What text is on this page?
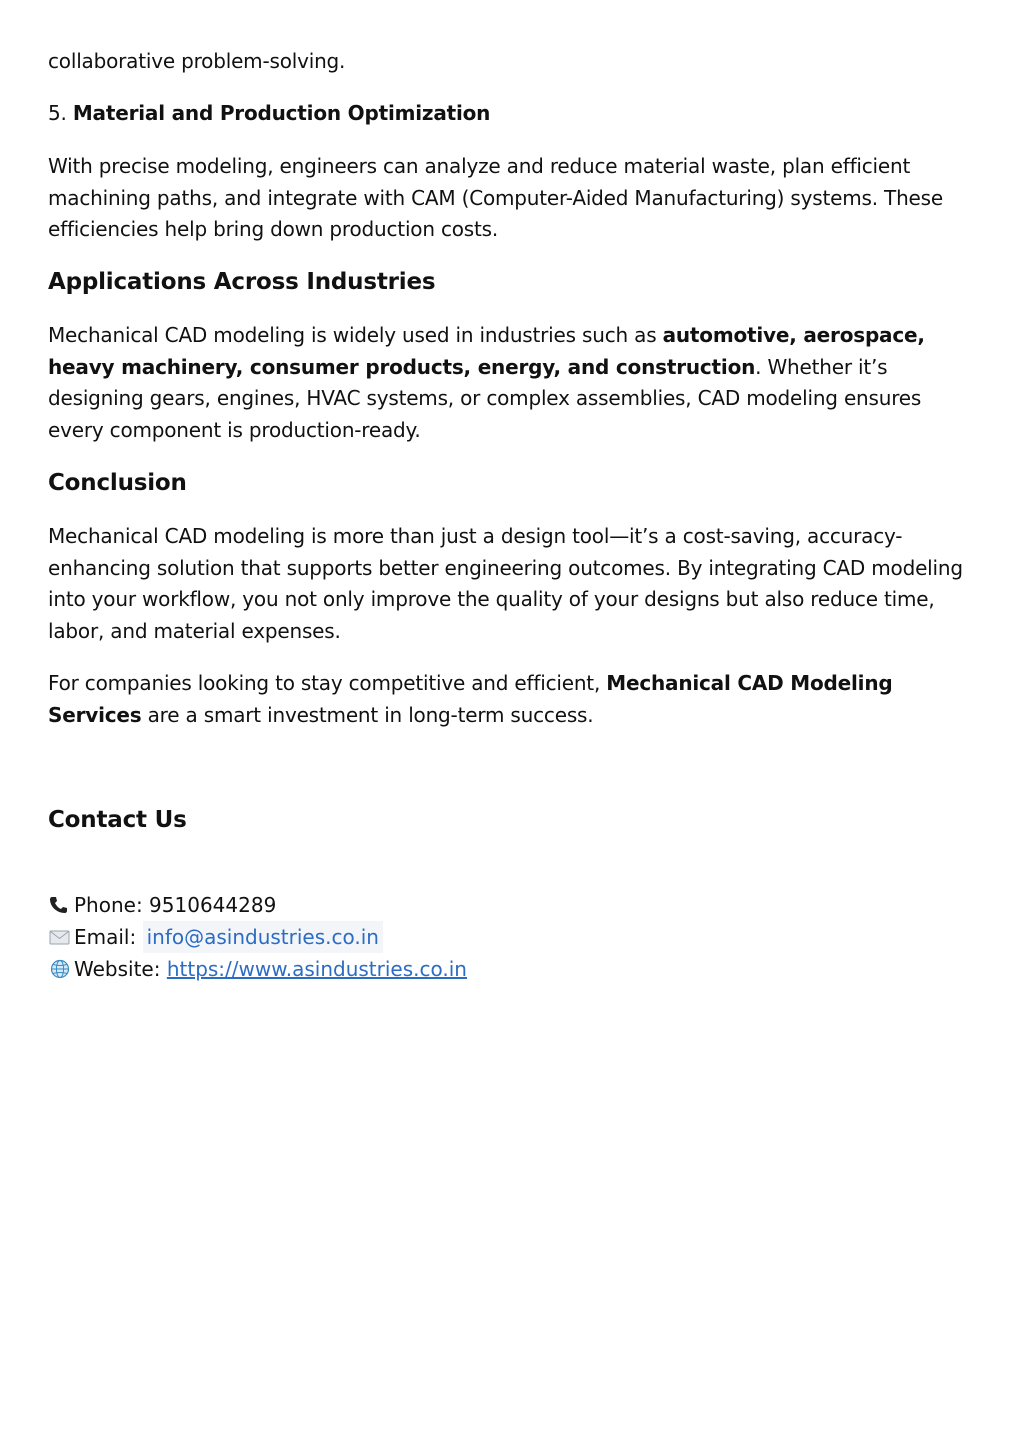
collaborative problem-solving.

5. Material and Production Optimization

With precise modeling, engineers can analyze and reduce material waste, plan efficient machining paths, and integrate with CAM (Computer-Aided Manufacturing) systems. These efficiencies help bring down production costs.

Applications Across Industries

Mechanical CAD modeling is widely used in industries such as automotive, aerospace, heavy machinery, consumer products, energy, and construction. Whether it’s designing gears, engines, HVAC systems, or complex assemblies, CAD modeling ensures every component is production-ready.

Conclusion

Mechanical CAD modeling is more than just a design tool—it’s a cost-saving, accuracy-enhancing solution that supports better engineering outcomes. By integrating CAD modeling into your workflow, you not only improve the quality of your designs but also reduce time, labor, and material expenses.

For companies looking to stay competitive and efficient, Mechanical CAD Modeling Services are a smart investment in long-term success.

Contact Us

Phone: 9510644289

Email:
info@asindustries.co.in

Website:
https://www.asindustries.co.in
